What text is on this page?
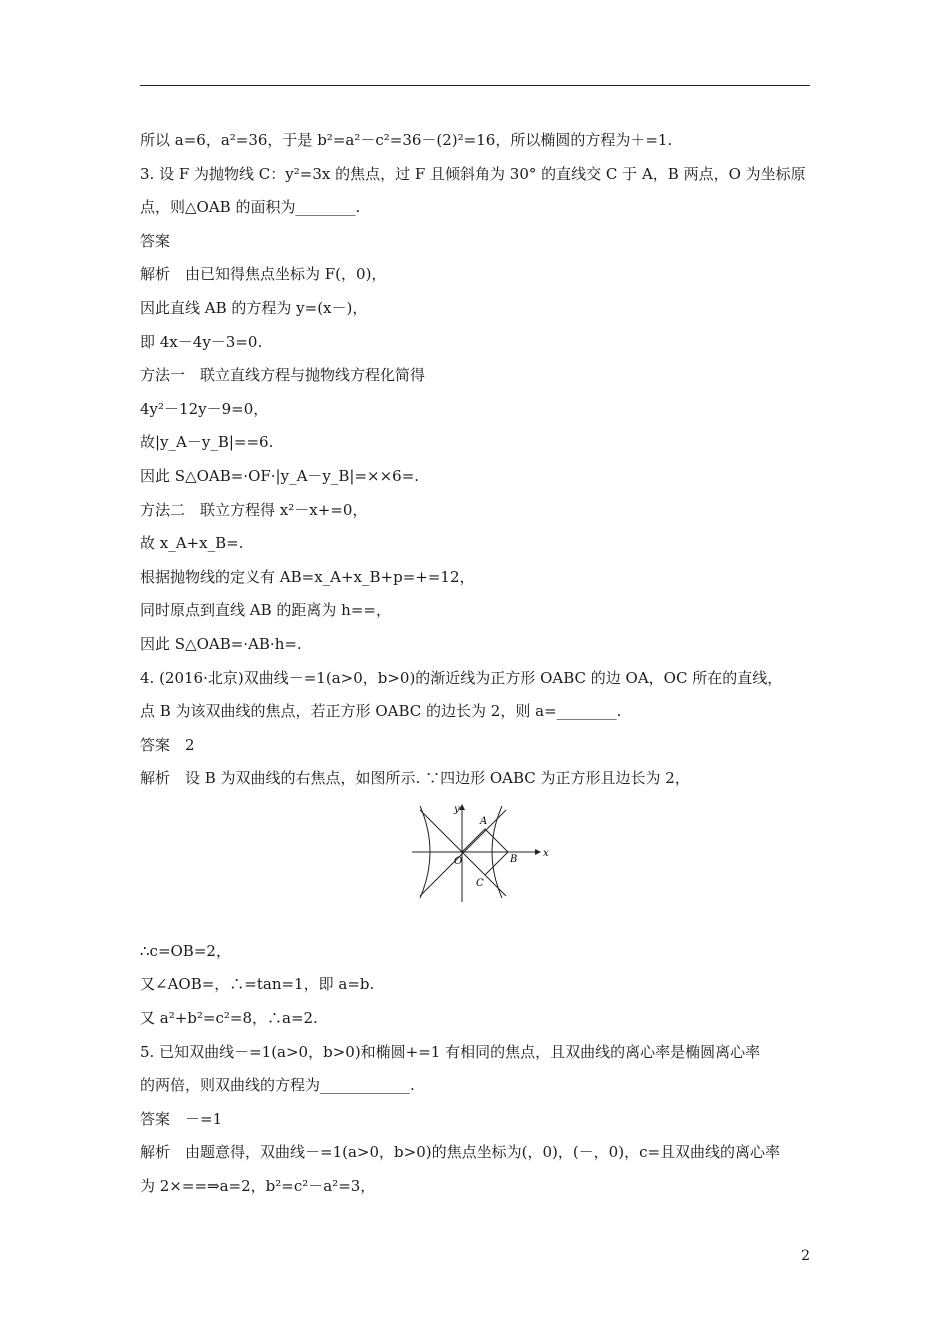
所以 a=6，a²=36，于是 b²=a²－c²=36－(2)²=16，所以椭圆的方程为＋=1.
3. 设 F 为抛物线 C：y²=3x 的焦点，过 F 且倾斜角为 30° 的直线交 C 于 A，B 两点，O 为坐标原
点，则△OAB 的面积为________.
答案
解析　由已知得焦点坐标为 F(，0)，
因此直线 AB 的方程为 y=(x－)，
即 4x－4y－3=0.
方法一　联立直线方程与抛物线方程化简得
4y²－12y－9=0，
故|y_A－y_B|==6.
因此 S△OAB=·OF·|y_A－y_B|=××6=.
方法二　联立方程得 x²－x+=0，
故 x_A+x_B=.
根据抛物线的定义有 AB=x_A+x_B+p=+=12，
同时原点到直线 AB 的距离为 h==，
因此 S△OAB=·AB·h=.
4. (2016·北京)双曲线－=1(a>0，b>0)的渐近线为正方形 OABC 的边 OA，OC 所在的直线，
点 B 为该双曲线的焦点，若正方形 OABC 的边长为 2，则 a=________.
答案　2
解析　设 B 为双曲线的右焦点，如图所示. ∵四边形 OABC 为正方形且边长为 2，
y
x
A
B
C
O
∴c=OB=2，
又∠AOB=，∴=tan=1，即 a=b.
又 a²+b²=c²=8，∴a=2.
5. 已知双曲线－=1(a>0，b>0)和椭圆+=1 有相同的焦点，且双曲线的离心率是椭圆离心率
的两倍，则双曲线的方程为____________.
答案　－=1
解析　由题意得，双曲线－=1(a>0，b>0)的焦点坐标为(，0)，(－，0)，c=且双曲线的离心率
为 2×==⇒a=2，b²=c²－a²=3，
2
